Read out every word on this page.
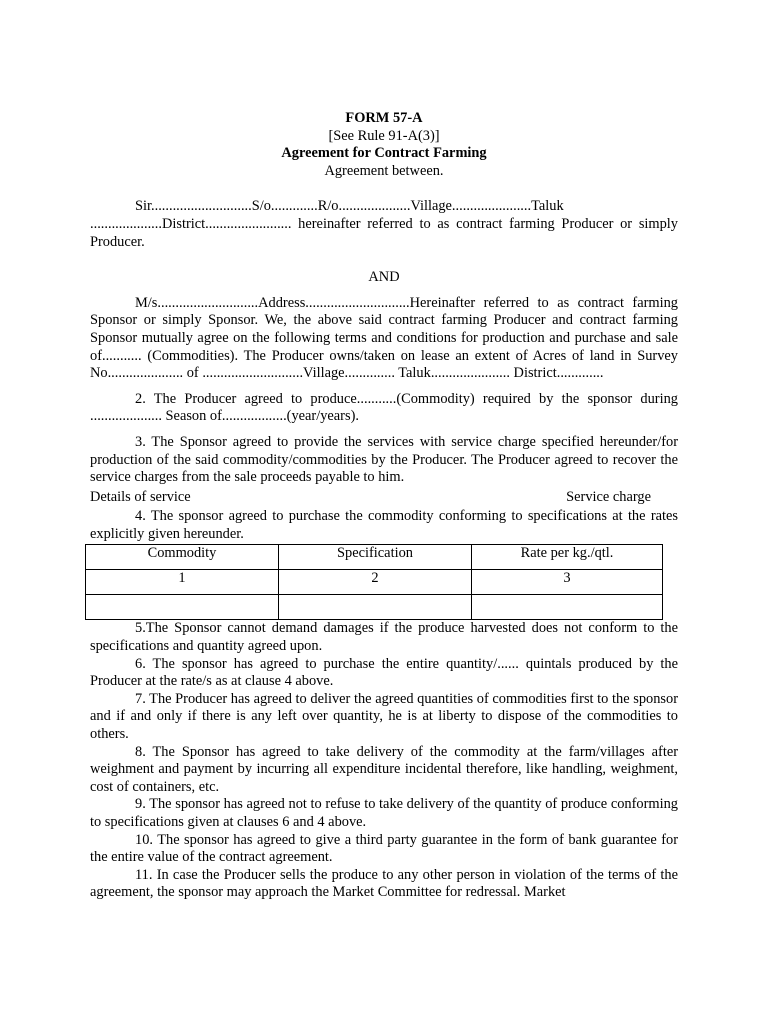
FORM 57-A

[See Rule 91-A(3)]

Agreement for Contract Farming

Agreement between.

Sir............................S/o.............R/o....................Village......................Taluk

....................District........................ hereinafter referred to as contract farming Producer or simply Producer.

AND

M/s............................Address.............................Hereinafter referred to as contract farming Sponsor or simply Sponsor. We, the above said contract farming Producer and contract farming Sponsor mutually agree on the following terms and conditions for production and purchase and sale of........... (Commodities). The Producer owns/taken on lease an extent of Acres of land in Survey No..................... of ............................Village.............. Taluk...................... District.............

2. The Producer agreed to produce...........(Commodity) required by the sponsor during .................... Season of..................(year/years).

3. The Sponsor agreed to provide the services with service charge specified hereunder/for production of the said commodity/commodities by the Producer. The Producer agreed to recover the service charges from the sale proceeds payable to him.

Details of service	Service charge

4. The sponsor agreed to purchase the commodity conforming to specifications at the rates explicitly given hereunder.

Commodity	Specification	Rate per kg./qtl.
1	2	3

5.The Sponsor cannot demand damages if the produce harvested does not conform to the specifications and quantity agreed upon.

6. The sponsor has agreed to purchase the entire quantity/...... quintals produced by the Producer at the rate/s as at clause 4 above.

7. The Producer has agreed to deliver the agreed quantities of commodities first to the sponsor and if and only if there is any left over quantity, he is at liberty to dispose of the commodities to others.

8. The Sponsor has agreed to take delivery of the commodity at the farm/villages after weighment and payment by incurring all expenditure incidental therefore, like handling, weighment, cost of containers, etc.

9. The sponsor has agreed not to refuse to take delivery of the quantity of produce conforming to specifications given at clauses 6 and 4 above.

10. The sponsor has agreed to give a third party guarantee in the form of bank guarantee for the entire value of the contract agreement.

11. In case the Producer sells the produce to any other person in violation of the terms of the agreement, the sponsor may approach the Market Committee for redressal. Market
